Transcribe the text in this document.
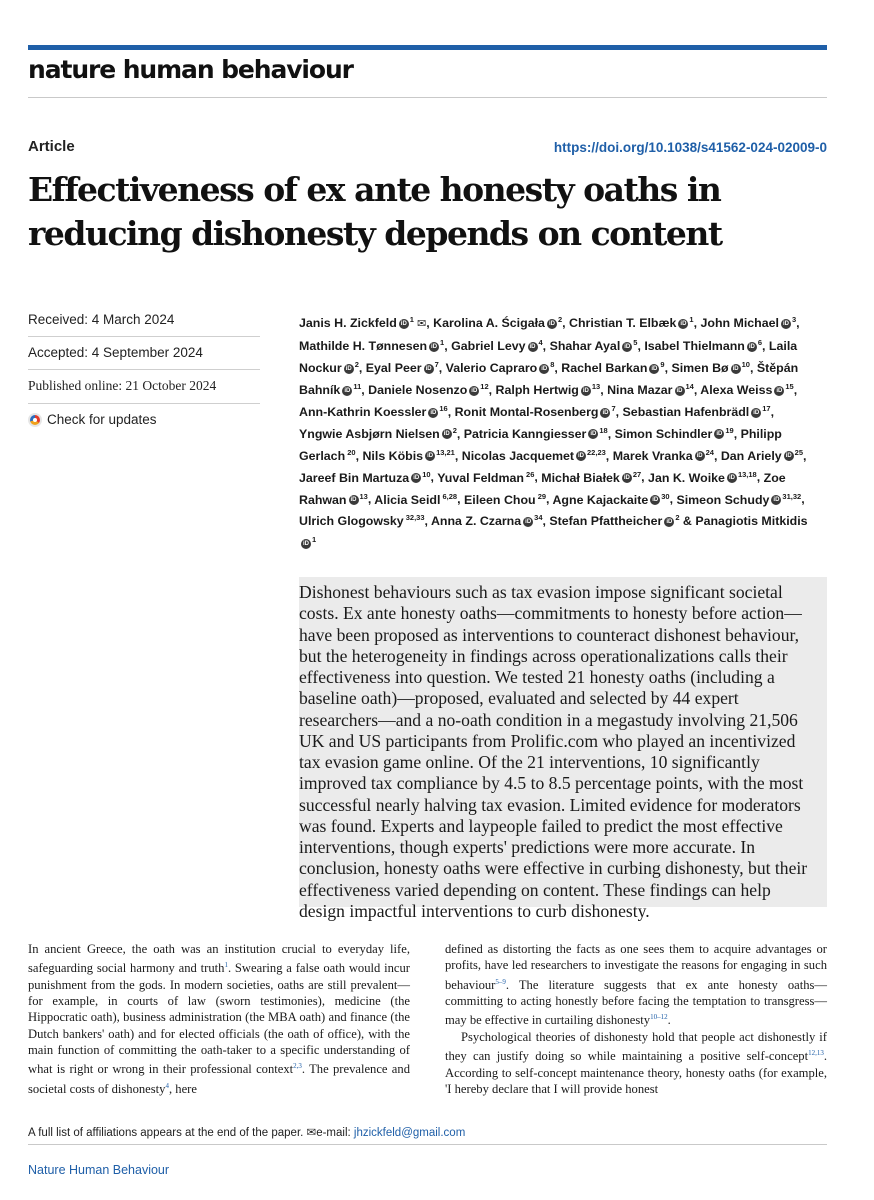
nature human behaviour
Article	https://doi.org/10.1038/s41562-024-02009-0
Effectiveness of ex ante honesty oaths in reducing dishonesty depends on content
Received: 4 March 2024
Accepted: 4 September 2024
Published online: 21 October 2024
Check for updates

Janis H. Zickfeld iD $^1$ ✉, Karolina A. Ścigała iD $^2$, Christian T. Elbæk iD $^1$, John Michael iD $^3$, Mathilde H. Tønnesen iD $^1$, Gabriel Levy iD $^4$, Shahar Ayal iD $^5$, Isabel Thielmann iD $^6$, Laila Nockur iD $^2$, Eyal Peer iD $^7$, Valerio Capraro iD $^8$, Rachel Barkan iD $^9$, Simen Bø iD $^{10}$, Štěpán Bahník iD $^{11}$, Daniele Nosenzo iD $^{12}$, Ralph Hertwig iD $^{13}$, Nina Mazar iD $^{14}$, Alexa Weiss iD $^{15}$, Ann-Kathrin Koessler iD $^{16}$, Ronit Montal-Rosenberg iD $^7$, Sebastian Hafenbrädl iD $^{17}$, Yngwie Asbjørn Nielsen iD $^2$, Patricia Kanngiesser iD $^{18}$, Simon Schindler iD $^{19}$, Philipp Gerlach $^{20}$, Nils Köbis iD $^{13,21}$, Nicolas Jacquemet iD $^{22,23}$, Marek Vranka iD $^{24}$, Dan Ariely iD $^{25}$, Jareef Bin Martuza iD $^{10}$, Yuval Feldman $^{26}$, Michał Białek iD $^{27}$, Jan K. Woike iD $^{13,18}$, Zoe Rahwan iD $^{13}$, Alicia Seidl $^{6,28}$, Eileen Chou $^{29}$, Agne Kajackaite iD $^{30}$, Simeon Schudy iD $^{31,32}$, Ulrich Glogowsky $^{32,33}$, Anna Z. Czarna iD $^{34}$, Stefan Pfattheicher iD $^2$ & Panagiotis MitkidisiD $^1$

Dishonest behaviours such as tax evasion impose significant societal costs. Ex ante honesty oaths—commitments to honesty before action—have been proposed as interventions to counteract dishonest behaviour, but the heterogeneity in findings across operationalizations calls their effectiveness into question. We tested 21 honesty oaths (including a baseline oath)—proposed, evaluated and selected by 44 expert researchers—and a no-oath condition in a megastudy involving 21,506 UK and US participants from Prolific.com who played an incentivized tax evasion game online. Of the 21 interventions, 10 significantly improved tax compliance by 4.5 to 8.5 percentage points, with the most successful nearly halving tax evasion. Limited evidence for moderators was found. Experts and laypeople failed to predict the most effective interventions, though experts' predictions were more accurate. In conclusion, honesty oaths were effective in curbing dishonesty, but their effectiveness varied depending on content. These findings can help design impactful interventions to curb dishonesty.

In ancient Greece, the oath was an institution crucial to everyday life, safeguarding social harmony and truth$^1$. Swearing a false oath would incur punishment from the gods. In modern societies, oaths are still prevalent—for example, in courts of law (sworn testimonies), medicine (the Hippocratic oath), business administration (the MBA oath) and finance (the Dutch bankers' oath) and for elected officials (the oath of office), with the main function of committing the oath-taker to a specific understanding of what is right or wrong in their professional context$^{2,3}$. The prevalence and societal costs of dishonesty$^4$, here

defined as distorting the facts as one sees them to acquire advantages or profits, have led researchers to investigate the reasons for engaging in such behaviour$^{5-9}$. The literature suggests that ex ante honesty oaths—committing to acting honestly before facing the temptation to transgress—may be effective in curtailing dishonesty$^{10-12}$.

Psychological theories of dishonesty hold that people act dishonestly if they can justify doing so while maintaining a positive self-concept$^{12,13}$. According to self-concept maintenance theory, honesty oaths (for example, 'I hereby declare that I will provide honest

A full list of affiliations appears at the end of the paper. ✉e-mail: jhzickfeld@gmail.com
Nature Human Behaviour
